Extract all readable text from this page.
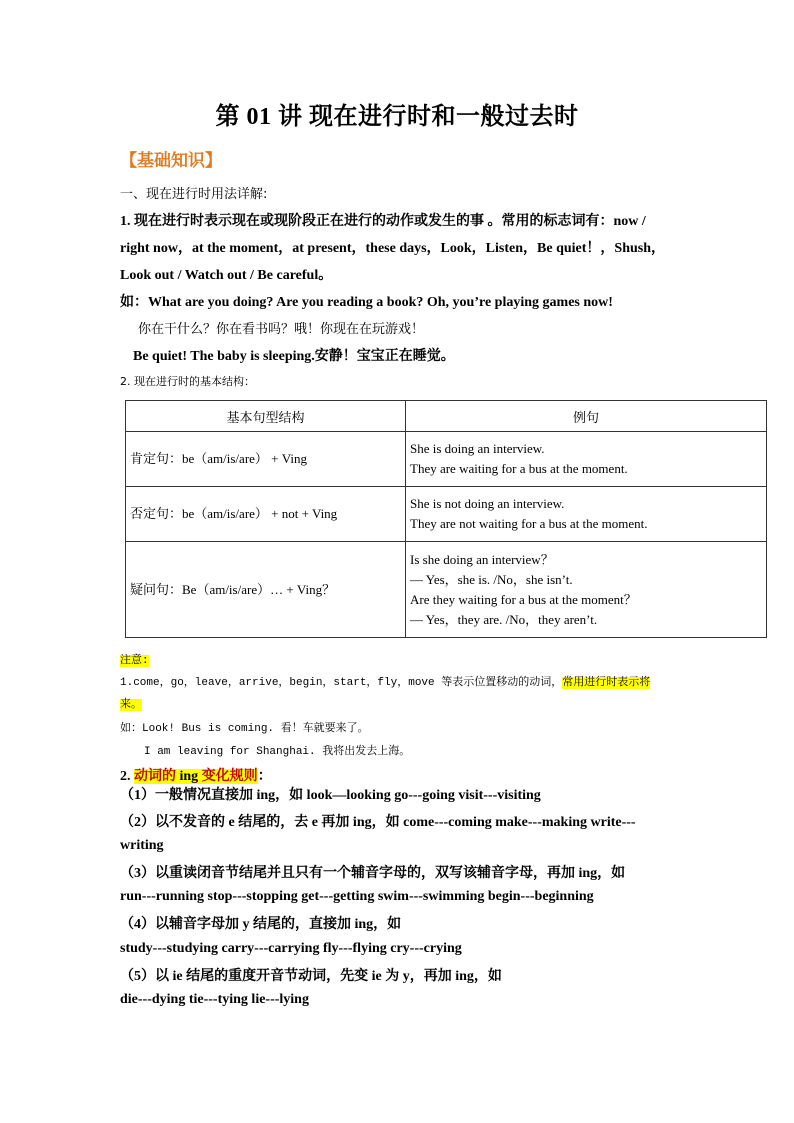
第 01 讲 现在进行时和一般过去时
【基础知识】
一、现在进行时用法详解:
1. 现在进行时表示现在或现阶段正在进行的动作或发生的事 。常用的标志词有：now /
right now，at the moment，at present，these days，Look，Listen，Be quiet！，Shush，
Look out / Watch out / Be careful。
如：What are you doing? Are you reading a book? Oh, you’re playing games now!
你在干什么？你在看书吗？哦！你现在在玩游戏！
Be quiet! The baby is sleeping.安静！宝宝正在睡觉。
2. 现在进行时的基本结构：
基本句型结构	例句
肯定句：be（am/is/are） + Ving	She is doing an interview.
They are waiting for a bus at the moment.

否定句：be（am/is/are） + not + Ving	She is not doing an interview.
They are not waiting for a bus at the moment.

疑问句：Be（am/is/are）… + Ving？	Is she doing an interview？
— Yes，she is. /No，she isn’t.
Are they waiting for a bus at the moment？
— Yes，they are. /No，they aren’t.
注意:
1.come，go，leave，arrive，begin，start，fly，move 等表示位置移动的动词，常用进行时表示将
来。
如：Look! Bus is coming. 看！车就要来了。
I am leaving for Shanghai. 我将出发去上海。
2. 动词的 ing 变化规则：
（1）一般情况直接加 ing，如 look—looking go---going visit---visiting
（2）以不发音的 e 结尾的，去 e 再加 ing，如 come---coming make---making write---
writing
（3）以重读闭音节结尾并且只有一个辅音字母的，双写该辅音字母，再加 ing，如
run---running stop---stopping get---getting swim---swimming begin---beginning
（4）以辅音字母加 y 结尾的，直接加 ing，如
study---studying carry---carrying fly---flying cry---crying
（5）以 ie 结尾的重度开音节动词，先变 ie 为 y，再加 ing，如
die---dying tie---tying lie---lying
